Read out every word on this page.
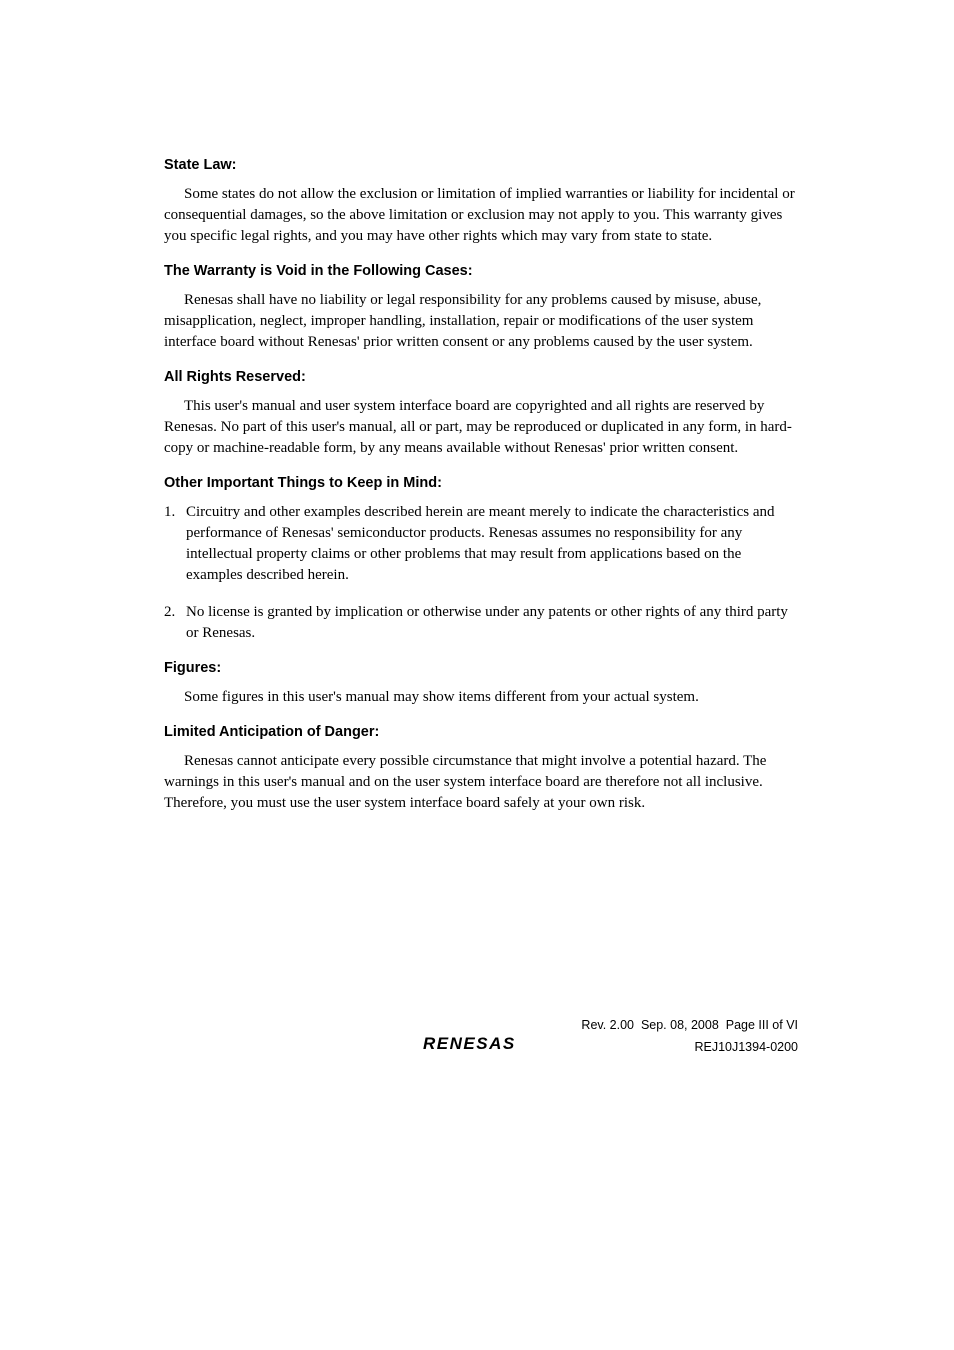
State Law:

Some states do not allow the exclusion or limitation of implied warranties or liability for incidental or consequential damages, so the above limitation or exclusion may not apply to you. This warranty gives you specific legal rights, and you may have other rights which may vary from state to state.

The Warranty is Void in the Following Cases:

Renesas shall have no liability or legal responsibility for any problems caused by misuse, abuse, misapplication, neglect, improper handling, installation, repair or modifications of the user system interface board without Renesas' prior written consent or any problems caused by the user system.

All Rights Reserved:

This user's manual and user system interface board are copyrighted and all rights are reserved by Renesas. No part of this user's manual, all or part, may be reproduced or duplicated in any form, in hard-copy or machine-readable form, by any means available without Renesas' prior written consent.

Other Important Things to Keep in Mind:
1. Circuitry and other examples described herein are meant merely to indicate the characteristics and performance of Renesas' semiconductor products. Renesas assumes no responsibility for any intellectual property claims or other problems that may result from applications based on the examples described herein.
2. No license is granted by implication or otherwise under any patents or other rights of any third party or Renesas.
Figures:

Some figures in this user's manual may show items different from your actual system.

Limited Anticipation of Danger:

Renesas cannot anticipate every possible circumstance that might involve a potential hazard. The warnings in this user's manual and on the user system interface board are therefore not all inclusive. Therefore, you must use the user system interface board safely at your own risk.

RENESAS
Rev. 2.00  Sep. 08, 2008  Page III of VI
REJ10J1394-0200
